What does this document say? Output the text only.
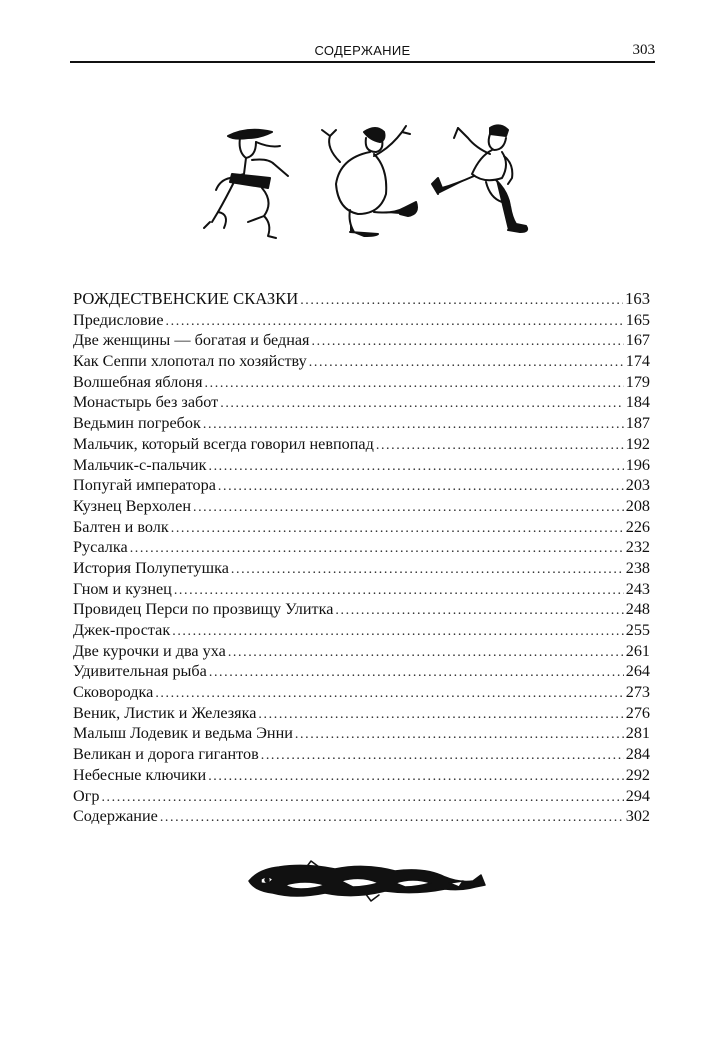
СОДЕРЖАНИЕ	303
РОЖДЕСТВЕНСКИЕ СКАЗКИ .....	163
Предисловие .....	165
Две женщины — богатая и бедная .....	167
Как Сеппи хлопотал по хозяйству .....	174
Волшебная яблоня .....	179
Монастырь без забот .....	184
Ведьмин погребок .....	187
Мальчик, который всегда говорил невпопад .....	192
Мальчик-с-пальчик .....	196
Попугай императора .....	203
Кузнец Верхолен .....	208
Балтен и волк .....	226
Русалка .....	232
История Полупетушка .....	238
Гном и кузнец .....	243
Провидец Перси по прозвищу Улитка .....	248
Джек-простак .....	255
Две курочки и два уха .....	261
Удивительная рыба .....	264
Сковородка .....	273
Веник, Листик и Железяка .....	276
Малыш Лодевик и ведьма Энни .....	281
Великан и дорога гигантов .....	284
Небесные ключики .....	292
Огр .....	294
Содержание .....	302
